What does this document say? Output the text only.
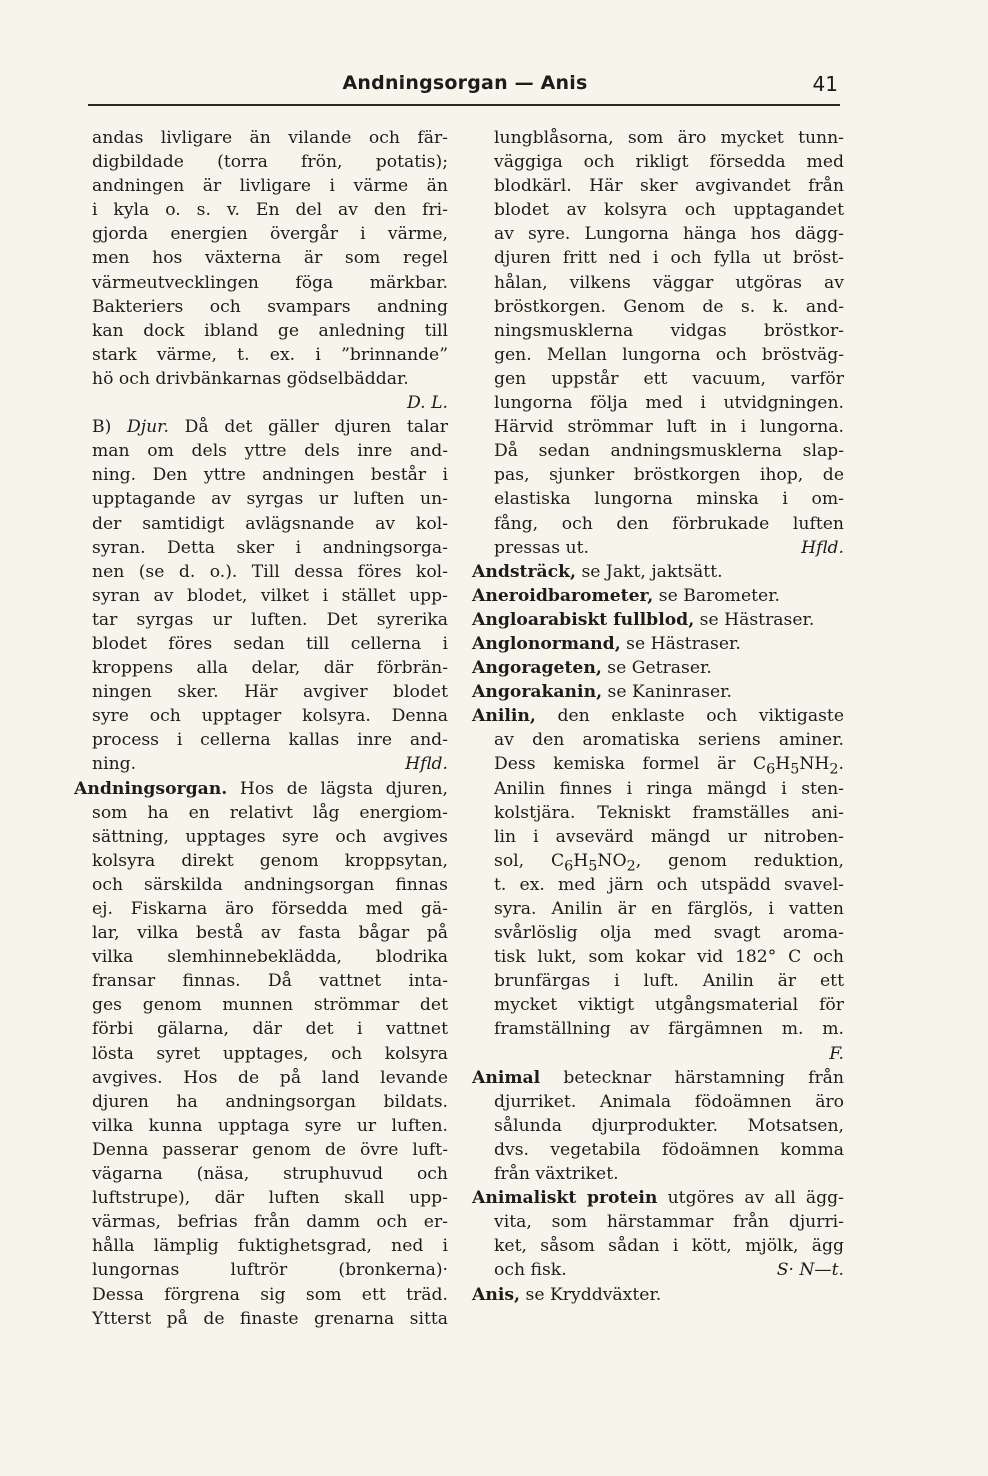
Andningsorgan — Anis	41
andas livligare än vilande och fär-
digbildade (torra frön, potatis);
andningen är livligare i värme än
i kyla o. s. v. En del av den fri-
gjorda energien övergår i värme,
men hos växterna är som regel
värmeutvecklingen föga märkbar.
Bakteriers och svampars andning
kan dock ibland ge anledning till
stark värme, t. ex. i ”brinnande”
hö och drivbänkarnas gödselbäddar.
D. L.
B) Djur. Då det gäller djuren talar
man om dels yttre dels inre and-
ning. Den yttre andningen består i
upptagande av syrgas ur luften un-
der samtidigt avlägsnande av kol-
syran. Detta sker i andningsorga-
nen (se d. o.). Till dessa föres kol-
syran av blodet, vilket i stället upp-
tar syrgas ur luften. Det syrerika
blodet föres sedan till cellerna i
kroppens alla delar, där förbrän-
ningen sker. Här avgiver blodet
syre och upptager kolsyra. Denna
process i cellerna kallas inre and-
ning.	Hfld.
Andningsorgan. Hos de lägsta djuren,
som ha en relativt låg energiom-
sättning, upptages syre och avgives
kolsyra direkt genom kroppsytan,
och särskilda andningsorgan finnas
ej. Fiskarna äro försedda med gä-
lar, vilka bestå av fasta bågar på
vilka slemhinnebeklädda, blodrika
fransar finnas. Då vattnet inta-
ges genom munnen strömmar det
förbi gälarna, där det i vattnet
lösta syret upptages, och kolsyra
avgives. Hos de på land levande
djuren ha andningsorgan bildats.
vilka kunna upptaga syre ur luften.
Denna passerar genom de övre luft-
vägarna (näsa, struphuvud och
luftstrupe), där luften skall upp-
värmas, befrias från damm och er-
hålla lämplig fuktighetsgrad, ned i
lungornas luftrör (bronkerna)·
Dessa förgrena sig som ett träd.
Ytterst på de finaste grenarna sitta
lungblåsorna, som äro mycket tunn-
väggiga och rikligt försedda med
blodkärl. Här sker avgivandet från
blodet av kolsyra och upptagandet
av syre. Lungorna hänga hos dägg-
djuren fritt ned i och fylla ut bröst-
hålan, vilkens väggar utgöras av
bröstkorgen. Genom de s. k. and-
ningsmusklerna vidgas bröstkor-
gen. Mellan lungorna och bröstväg-
gen uppstår ett vacuum, varför
lungorna följa med i utvidgningen.
Härvid strömmar luft in i lungorna.
Då sedan andningsmusklerna slap-
pas, sjunker bröstkorgen ihop, de
elastiska lungorna minska i om-
fång, och den förbrukade luften
pressas ut.	Hfld.
Andsträck, se Jakt, jaktsätt.
Aneroidbarometer, se Barometer.
Angloarabiskt fullblod, se Hästraser.
Anglonormand, se Hästraser.
Angorageten, se Getraser.
Angorakanin, se Kaninraser.
Anilin, den enklaste och viktigaste
av den aromatiska seriens aminer.
Dess kemiska formel är $C_6H_5NH_2$.
Anilin finnes i ringa mängd i sten-
kolstjära. Tekniskt framställes ani-
lin i avsevärd mängd ur nitroben-
sol, $C_6H_5NO_2$, genom reduktion,
t. ex. med järn och utspädd svavel-
syra. Anilin är en färglös, i vatten
svårlöslig olja med svagt aroma-
tisk lukt, som kokar vid 182° C och
brunfärgas i luft. Anilin är ett
mycket viktigt utgångsmaterial för
framställning av färgämnen m. m.
F.
Animal betecknar härstamning från
djurriket. Animala födoämnen äro
sålunda djurprodukter. Motsatsen,
dvs. vegetabila födoämnen komma
från växtriket.
Animaliskt protein utgöres av all ägg-
vita, som härstammar från djurri-
ket, såsom sådan i kött, mjölk, ägg
och fisk.	S· N—t.
Anis, se Kryddväxter.
